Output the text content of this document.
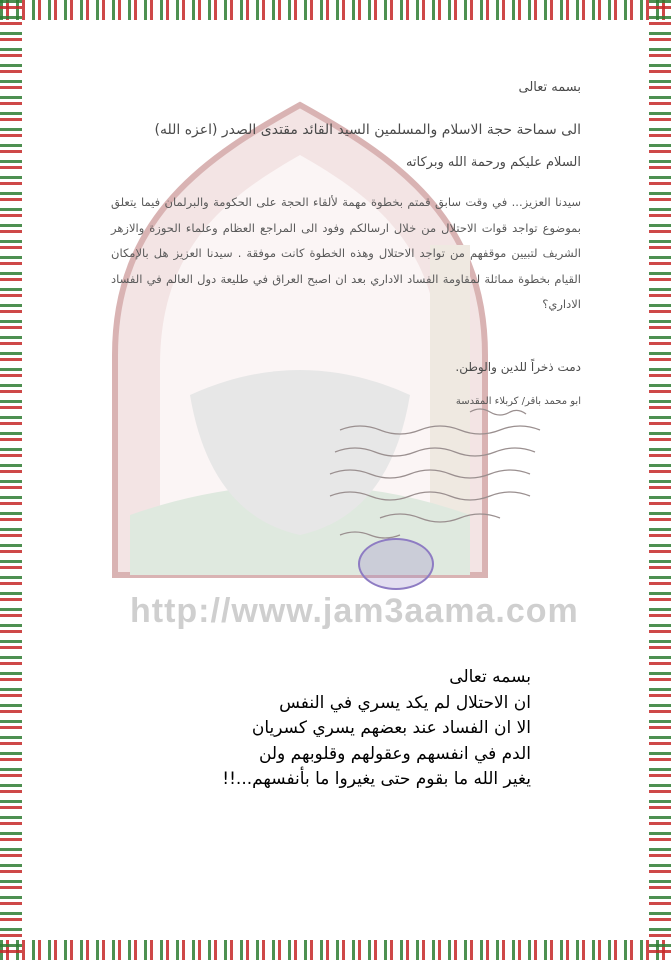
http://www.jam3aama.com
بسمه تعالى
الى سماحة حجة الاسلام والمسلمين السيد القائد مقتدى الصدر (اعزه الله)
السلام عليكم ورحمة الله وبركاته
سيدنا العزيز... في وقت سابق قمتم بخطوة مهمة لألقاء الحجة على الحكومة والبرلمان فيما يتعلق بموضوع تواجد قوات الاحتلال من خلال ارسالكم وفود الى المراجع العظام وعلماء الحوزة والازهر الشريف لتبيين موقفهم من تواجد الاحتلال وهذه الخطوة كانت موفقة . سيدنا العزيز هل بالإمكان القيام بخطوة مماثلة لمقاومة الفساد الاداري بعد ان اصبح العراق في طليعة دول العالم في الفساد الاداري؟
دمت ذخراً للدين والوطن.
ابو محمد باقر/ كربلاء المقدسة
بسمه تعالى
ان الاحتلال لم يكد يسري في النفس
الا ان الفساد عند بعضهم يسري كسريان
الدم في انفسهم وعقولهم وقلوبهم ولن
يغير الله ما بقوم حتى يغيروا ما بأنفسهم...!!
